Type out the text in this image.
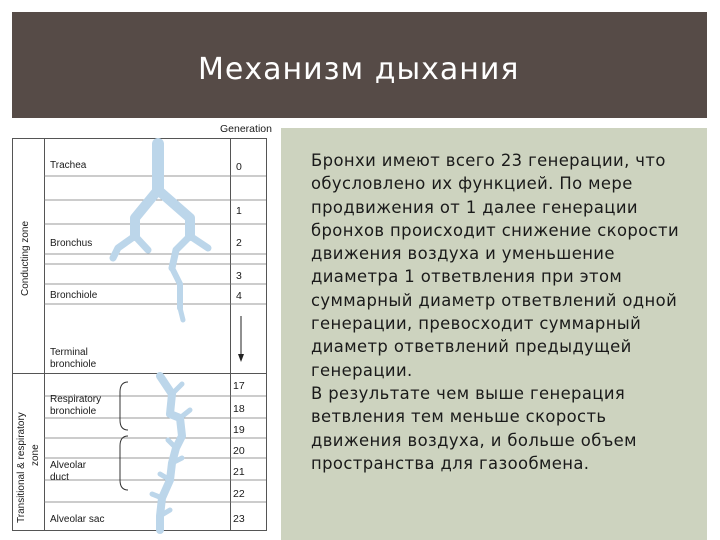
Механизм дыхания
Generation
Conducting zone
Transitional & respiratory zone
Trachea
Bronchus
Bronchiole
Terminal
bronchiole
Respiratory
bronchiole
Alveolar
duct
Alveolar sac
0
1
2
3
4
17
18
19
20
21
22
23

Бронхи имеют всего 23 генерации, что обусловлено их функцией. По мере продвижения от 1 далее генерации бронхов происходит снижение скорости движения воздуха и уменьшение диаметра 1 ответвления при этом суммарный диаметр ответвлений одной генерации, превосходит суммарный диаметр ответвлений предыдущей генерации.

В результате чем выше генерация ветвления тем меньше скорость движения воздуха, и больше объем пространства для газообмена.
